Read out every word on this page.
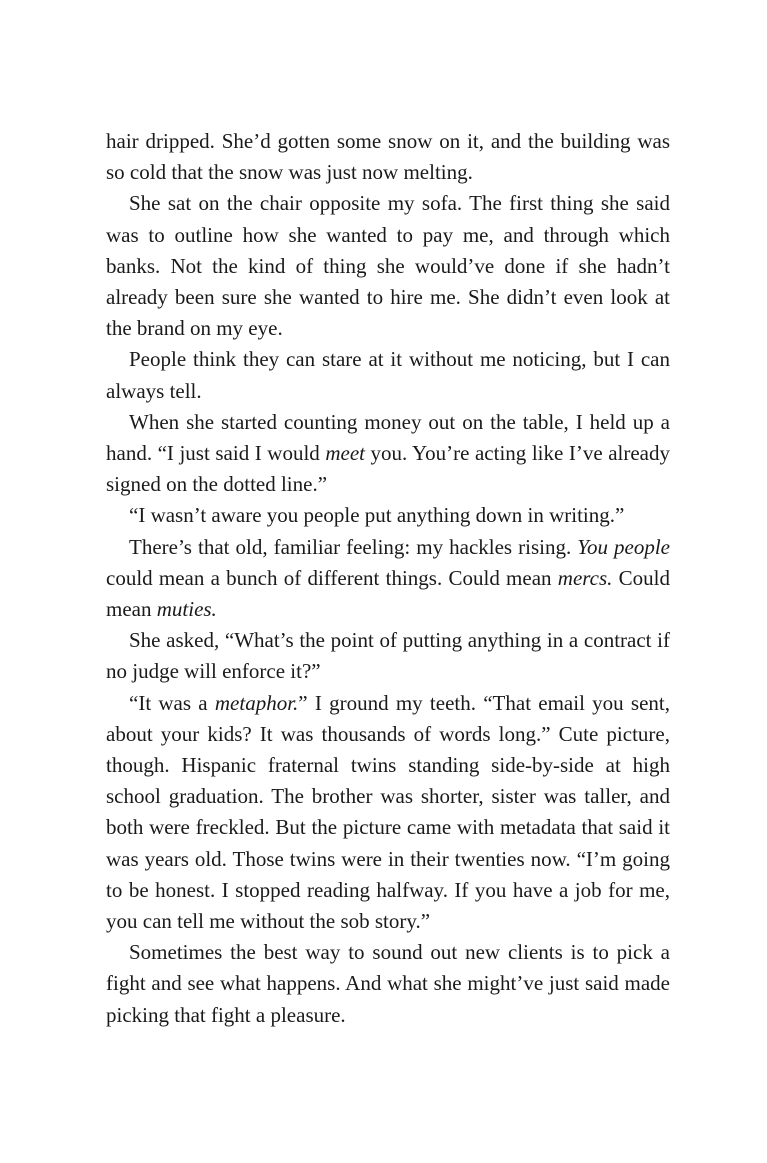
hair dripped. She’d gotten some snow on it, and the building was so cold that the snow was just now melting.

She sat on the chair opposite my sofa. The first thing she said was to outline how she wanted to pay me, and through which banks. Not the kind of thing she would’ve done if she hadn’t already been sure she wanted to hire me. She didn’t even look at the brand on my eye.

People think they can stare at it without me noticing, but I can always tell.

When she started counting money out on the table, I held up a hand. “I just said I would meet you. You’re acting like I’ve already signed on the dotted line.”

“I wasn’t aware you people put anything down in writing.”

There’s that old, familiar feeling: my hackles rising. You people could mean a bunch of different things. Could mean mercs. Could mean muties.

She asked, “What’s the point of putting anything in a contract if no judge will enforce it?”

“It was a metaphor.” I ground my teeth. “That email you sent, about your kids? It was thousands of words long.” Cute picture, though. Hispanic fraternal twins standing side-by-side at high school graduation. The brother was shorter, sister was taller, and both were freckled. But the picture came with metadata that said it was years old. Those twins were in their twenties now. “I’m going to be honest. I stopped reading halfway. If you have a job for me, you can tell me without the sob story.”

Sometimes the best way to sound out new clients is to pick a fight and see what happens. And what she might’ve just said made picking that fight a pleasure.
